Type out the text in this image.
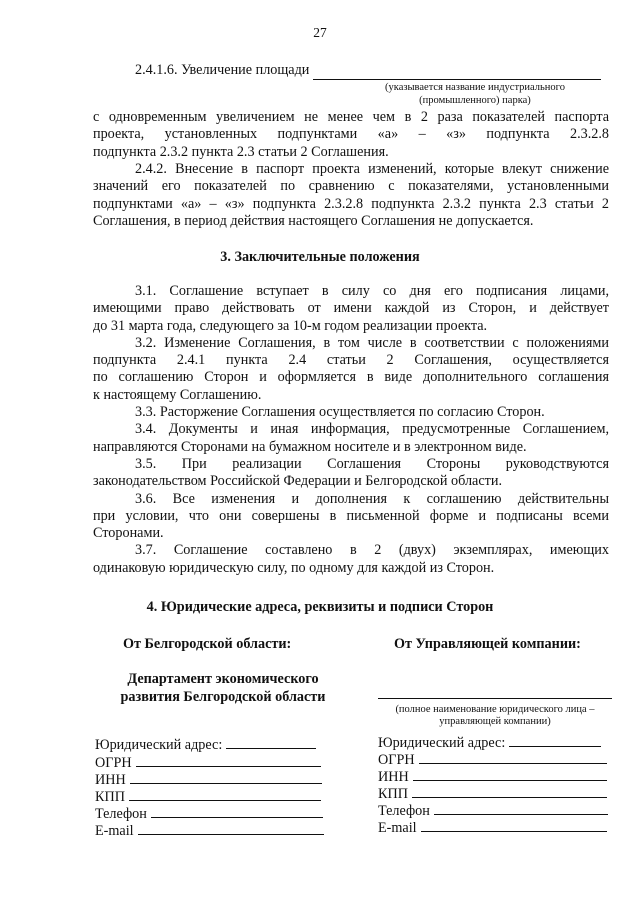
27
2.4.1.6. Увеличение площади
(указывается название индустриального
(промышленного) парка)

с одновременным увеличением не менее чем в 2 раза показателей паспорта

проекта, установленных подпунктами «а» – «з» подпункта 2.3.2.8

подпункта 2.3.2 пункта 2.3 статьи 2 Соглашения.

2.4.2. Внесение в паспорт проекта изменений, которые влекут снижение

значений его показателей по сравнению с показателями, установленными

подпунктами «а» – «з» подпункта 2.3.2.8 подпункта 2.3.2 пункта 2.3 статьи 2

Соглашения, в период действия настоящего Соглашения не допускается.

3. Заключительные положения

3.1. Соглашение вступает в силу со дня его подписания лицами,

имеющими право действовать от имени каждой из Сторон, и действует

до 31 марта года, следующего за 10-м годом реализации проекта.

3.2. Изменение Соглашения, в том числе в соответствии с положениями

подпункта 2.4.1 пункта 2.4 статьи 2 Соглашения, осуществляется

по соглашению Сторон и оформляется в виде дополнительного соглашения

к настоящему Соглашению.

3.3. Расторжение Соглашения осуществляется по согласию Сторон.

3.4. Документы и иная информация, предусмотренные Соглашением,

направляются Сторонами на бумажном носителе и в электронном виде.

3.5. При реализации Соглашения Стороны руководствуются

законодательством Российской Федерации и Белгородской области.

3.6. Все изменения и дополнения к соглашению действительны

при условии, что они совершены в письменной форме и подписаны всеми

Сторонами.

3.7. Соглашение составлено в 2 (двух) экземплярах, имеющих

одинаковую юридическую силу, по одному для каждой из Сторон.

4. Юридические адреса, реквизиты и подписи Сторон
От Белгородской области:
Департамент экономического
развития Белгородской области
Юридический адрес:
ОГРН
ИНН
КПП
Телефон
E-mail
От Управляющей компании:
(полное наименование юридического лица –
управляющей компании)
Юридический адрес:
ОГРН
ИНН
КПП
Телефон
E-mail
